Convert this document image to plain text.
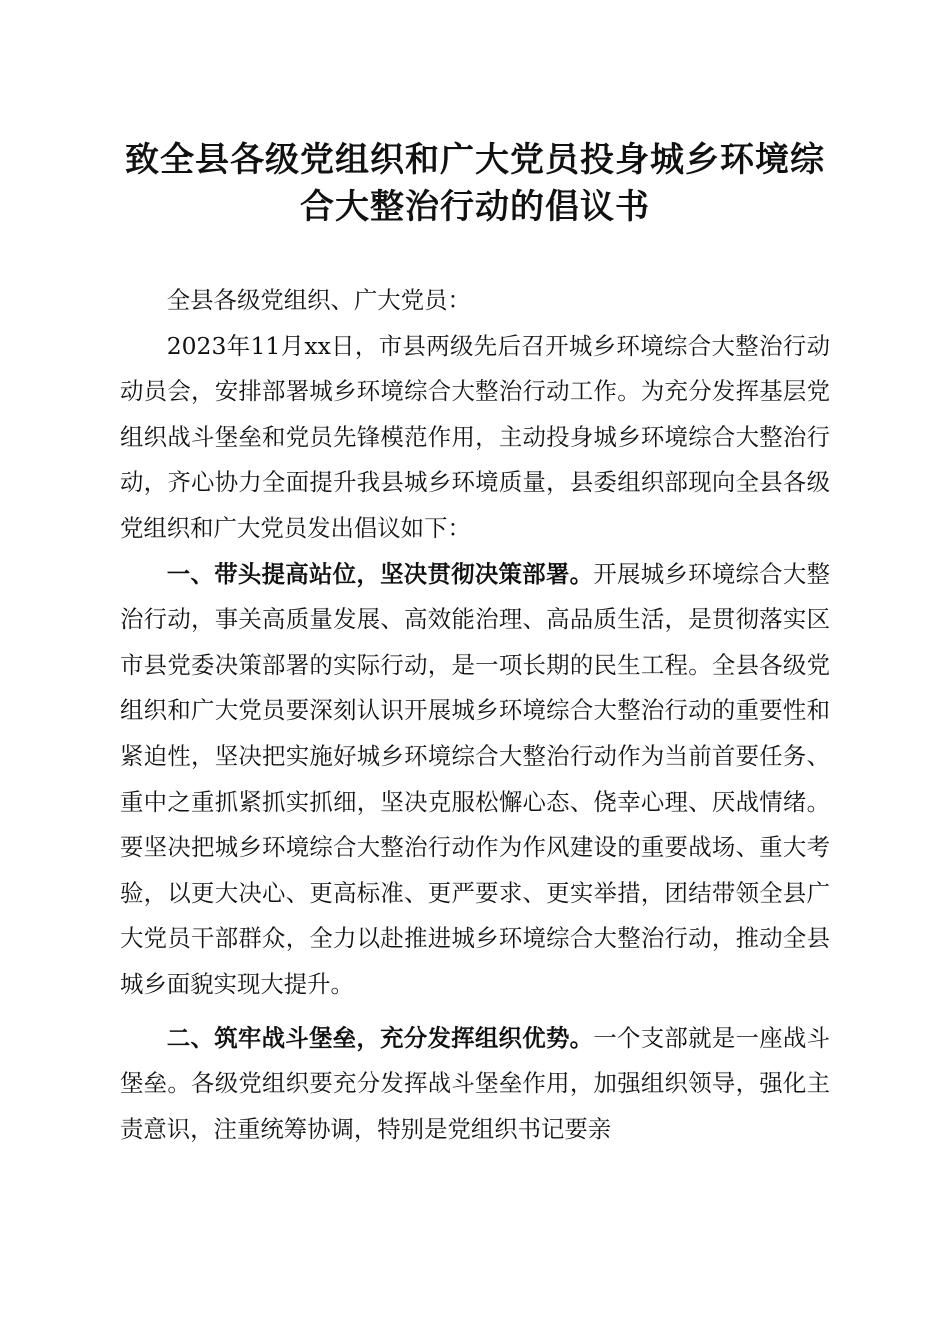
致全县各级党组织和广大党员投身城乡环境综
合大整治行动的倡议书

全县各级党组织、广大党员：

2023年11月xx日，市县两级先后召开城乡环境综合大整治行动动员会，安排部署城乡环境综合大整治行动工作。为充分发挥基层党组织战斗堡垒和党员先锋模范作用，主动投身城乡环境综合大整治行动，齐心协力全面提升我县城乡环境质量，县委组织部现向全县各级党组织和广大党员发出倡议如下：

一、带头提高站位，坚决贯彻决策部署。开展城乡环境综合大整治行动，事关高质量发展、高效能治理、高品质生活，是贯彻落实区市县党委决策部署的实际行动，是一项长期的民生工程。全县各级党组织和广大党员要深刻认识开展城乡环境综合大整治行动的重要性和紧迫性，坚决把实施好城乡环境综合大整治行动作为当前首要任务、重中之重抓紧抓实抓细，坚决克服松懈心态、侥幸心理、厌战情绪。要坚决把城乡环境综合大整治行动作为作风建设的重要战场、重大考验，以更大决心、更高标准、更严要求、更实举措，团结带领全县广大党员干部群众，全力以赴推进城乡环境综合大整治行动，推动全县城乡面貌实现大提升。

二、筑牢战斗堡垒，充分发挥组织优势。一个支部就是一座战斗堡垒。各级党组织要充分发挥战斗堡垒作用，加强组织领导，强化主责意识，注重统筹协调，特别是党组织书记要亲
